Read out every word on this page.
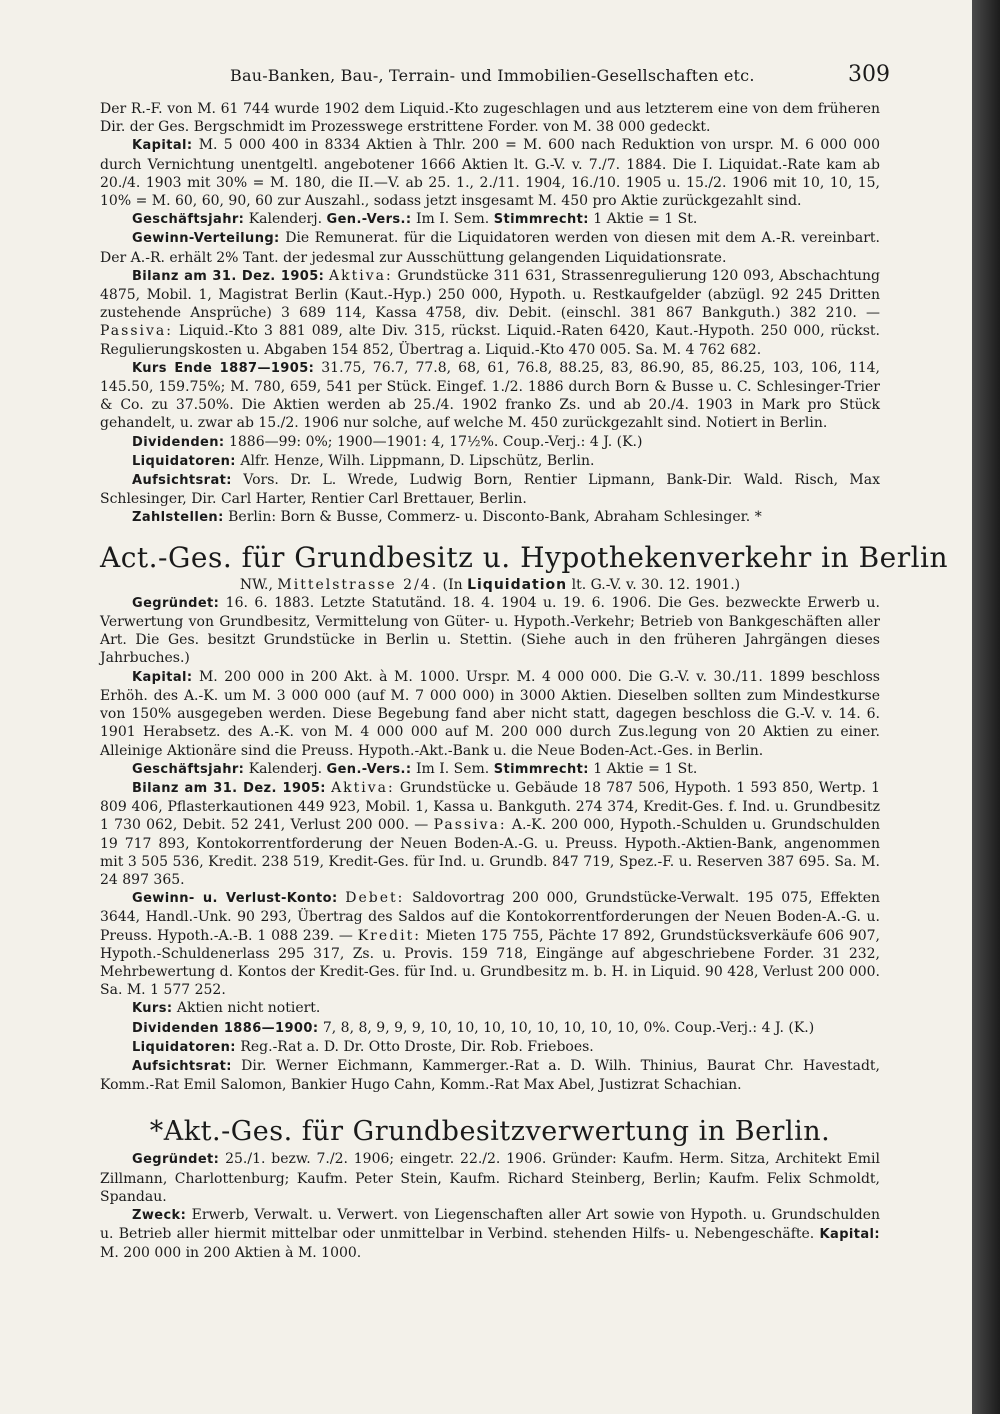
Bau-Banken, Bau-, Terrain- und Immobilien-Gesellschaften etc.	309

Der R.-F. von M. 61 744 wurde 1902 dem Liquid.-Kto zugeschlagen und aus letzterem eine von dem früheren Dir. der Ges. Bergschmidt im Prozesswege erstrittene Forder. von M. 38 000 gedeckt.

Kapital: M. 5 000 400 in 8334 Aktien à Thlr. 200 = M. 600 nach Reduktion von urspr. M. 6 000 000 durch Vernichtung unentgeltl. angebotener 1666 Aktien lt. G.-V. v. 7./7. 1884. Die I. Liquidat.-Rate kam ab 20./4. 1903 mit 30% = M. 180, die II.—V. ab 25. 1., 2./11. 1904, 16./10. 1905 u. 15./2. 1906 mit 10, 10, 15, 10% = M. 60, 60, 90, 60 zur Auszahl., sodass jetzt insgesamt M. 450 pro Aktie zurückgezahlt sind.

Geschäftsjahr: Kalenderj. Gen.-Vers.: Im I. Sem. Stimmrecht: 1 Aktie = 1 St.

Gewinn-Verteilung: Die Remunerat. für die Liquidatoren werden von diesen mit dem A.-R. vereinbart. Der A.-R. erhält 2% Tant. der jedesmal zur Ausschüttung gelangenden Liquidationsrate.

Bilanz am 31. Dez. 1905: Aktiva: Grundstücke 311 631, Strassenregulierung 120 093, Abschachtung 4875, Mobil. 1, Magistrat Berlin (Kaut.-Hyp.) 250 000, Hypoth. u. Restkaufgelder (abzügl. 92 245 Dritten zustehende Ansprüche) 3 689 114, Kassa 4758, div. Debit. (einschl. 381 867 Bankguth.) 382 210. — Passiva: Liquid.-Kto 3 881 089, alte Div. 315, rückst. Liquid.-Raten 6420, Kaut.-Hypoth. 250 000, rückst. Regulierungskosten u. Abgaben 154 852, Übertrag a. Liquid.-Kto 470 005. Sa. M. 4 762 682.

Kurs Ende 1887—1905: 31.75, 76.7, 77.8, 68, 61, 76.8, 88.25, 83, 86.90, 85, 86.25, 103, 106, 114, 145.50, 159.75%; M. 780, 659, 541 per Stück. Eingef. 1./2. 1886 durch Born & Busse u. C. Schlesinger-Trier & Co. zu 37.50%. Die Aktien werden ab 25./4. 1902 franko Zs. und ab 20./4. 1903 in Mark pro Stück gehandelt, u. zwar ab 15./2. 1906 nur solche, auf welche M. 450 zurückgezahlt sind. Notiert in Berlin.

Dividenden: 1886—99: 0%; 1900—1901: 4, 17½%. Coup.-Verj.: 4 J. (K.)

Liquidatoren: Alfr. Henze, Wilh. Lippmann, D. Lipschütz, Berlin.

Aufsichtsrat: Vors. Dr. L. Wrede, Ludwig Born, Rentier Lipmann, Bank-Dir. Wald. Risch, Max Schlesinger, Dir. Carl Harter, Rentier Carl Brettauer, Berlin.

Zahlstellen: Berlin: Born & Busse, Commerz- u. Disconto-Bank, Abraham Schlesinger. *

Act.-Ges. für Grundbesitz u. Hypothekenverkehr in Berlin

NW., Mittelstrasse 2/4. (In Liquidation lt. G.-V. v. 30. 12. 1901.)

Gegründet: 16. 6. 1883. Letzte Statutänd. 18. 4. 1904 u. 19. 6. 1906. Die Ges. bezweckte Erwerb u. Verwertung von Grundbesitz, Vermittelung von Güter- u. Hypoth.-Verkehr; Betrieb von Bankgeschäften aller Art. Die Ges. besitzt Grundstücke in Berlin u. Stettin. (Siehe auch in den früheren Jahrgängen dieses Jahrbuches.)

Kapital: M. 200 000 in 200 Akt. à M. 1000. Urspr. M. 4 000 000. Die G.-V. v. 30./11. 1899 beschloss Erhöh. des A.-K. um M. 3 000 000 (auf M. 7 000 000) in 3000 Aktien. Dieselben sollten zum Mindestkurse von 150% ausgegeben werden. Diese Begebung fand aber nicht statt, dagegen beschloss die G.-V. v. 14. 6. 1901 Herabsetz. des A.-K. von M. 4 000 000 auf M. 200 000 durch Zus.legung von 20 Aktien zu einer. Alleinige Aktionäre sind die Preuss. Hypoth.-Akt.-Bank u. die Neue Boden-Act.-Ges. in Berlin.

Geschäftsjahr: Kalenderj. Gen.-Vers.: Im I. Sem. Stimmrecht: 1 Aktie = 1 St.

Bilanz am 31. Dez. 1905: Aktiva: Grundstücke u. Gebäude 18 787 506, Hypoth. 1 593 850, Wertp. 1 809 406, Pflasterkautionen 449 923, Mobil. 1, Kassa u. Bankguth. 274 374, Kredit-Ges. f. Ind. u. Grundbesitz 1 730 062, Debit. 52 241, Verlust 200 000. — Passiva: A.-K. 200 000, Hypoth.-Schulden u. Grundschulden 19 717 893, Kontokorrentforderung der Neuen Boden-A.-G. u. Preuss. Hypoth.-Aktien-Bank, angenommen mit 3 505 536, Kredit. 238 519, Kredit-Ges. für Ind. u. Grundb. 847 719, Spez.-F. u. Reserven 387 695. Sa. M. 24 897 365.

Gewinn- u. Verlust-Konto: Debet: Saldovortrag 200 000, Grundstücke-Verwalt. 195 075, Effekten 3644, Handl.-Unk. 90 293, Übertrag des Saldos auf die Kontokorrentforderungen der Neuen Boden-A.-G. u. Preuss. Hypoth.-A.-B. 1 088 239. — Kredit: Mieten 175 755, Pächte 17 892, Grundstücksverkäufe 606 907, Hypoth.-Schuldenerlass 295 317, Zs. u. Provis. 159 718, Eingänge auf abgeschriebene Forder. 31 232, Mehrbewertung d. Kontos der Kredit-Ges. für Ind. u. Grundbesitz m. b. H. in Liquid. 90 428, Verlust 200 000. Sa. M. 1 577 252.

Kurs: Aktien nicht notiert.

Dividenden 1886—1900: 7, 8, 8, 9, 9, 9, 10, 10, 10, 10, 10, 10, 10, 10, 0%. Coup.-Verj.: 4 J. (K.)

Liquidatoren: Reg.-Rat a. D. Dr. Otto Droste, Dir. Rob. Frieboes.

Aufsichtsrat: Dir. Werner Eichmann, Kammerger.-Rat a. D. Wilh. Thinius, Baurat Chr. Havestadt, Komm.-Rat Emil Salomon, Bankier Hugo Cahn, Komm.-Rat Max Abel, Justizrat Schachian.

*Akt.-Ges. für Grundbesitzverwertung in Berlin.

Gegründet: 25./1. bezw. 7./2. 1906; eingetr. 22./2. 1906. Gründer: Kaufm. Herm. Sitza, Architekt Emil Zillmann, Charlottenburg; Kaufm. Peter Stein, Kaufm. Richard Steinberg, Berlin; Kaufm. Felix Schmoldt, Spandau.

Zweck: Erwerb, Verwalt. u. Verwert. von Liegenschaften aller Art sowie von Hypoth. u. Grundschulden u. Betrieb aller hiermit mittelbar oder unmittelbar in Verbind. stehenden Hilfs- u. Nebengeschäfte. Kapital: M. 200 000 in 200 Aktien à M. 1000.
